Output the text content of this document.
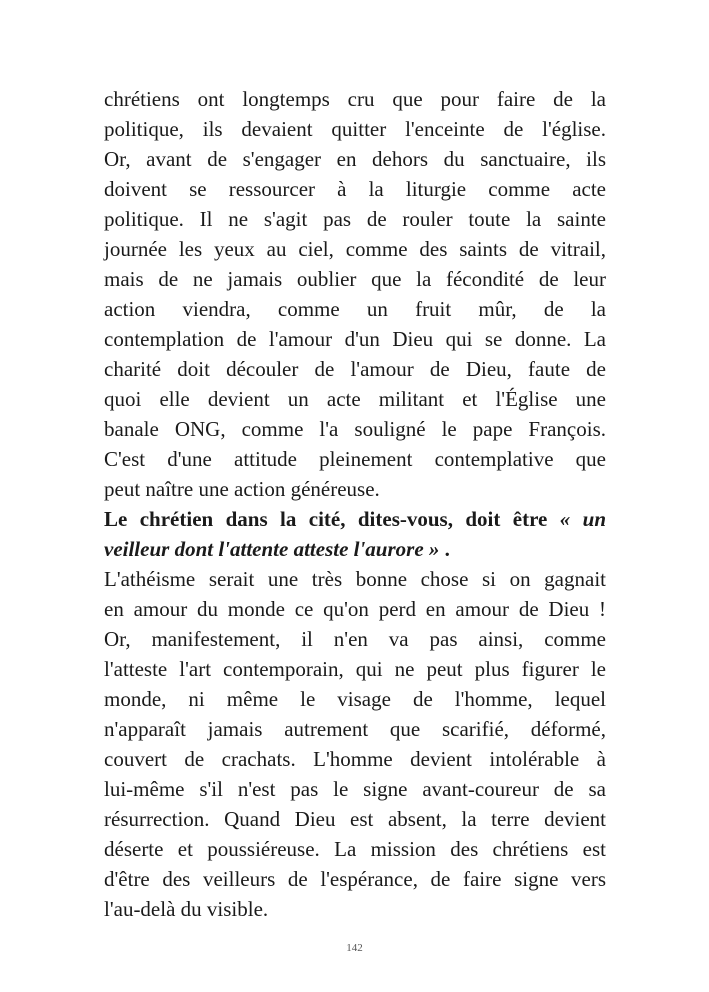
chrétiens ont longtemps cru que pour faire de la
politique, ils devaient quitter l'enceinte de l'église.
Or, avant de s'engager en dehors du sanctuaire, ils
doivent se ressourcer à la liturgie comme acte
politique. Il ne s'agit pas de rouler toute la sainte
journée les yeux au ciel, comme des saints de vitrail,
mais de ne jamais oublier que la fécondité de leur
action viendra, comme un fruit mûr, de la
contemplation de l'amour d'un Dieu qui se donne. La
charité doit découler de l'amour de Dieu, faute de
quoi elle devient un acte militant et l'Église une
banale ONG, comme l'a souligné le pape François.
C'est d'une attitude pleinement contemplative que
peut naître une action généreuse.
Le chrétien dans la cité, dites-vous, doit être « un
veilleur dont l'attente atteste l'aurore » .
L'athéisme serait une très bonne chose si on gagnait
en amour du monde ce qu'on perd en amour de Dieu !
Or, manifestement, il n'en va pas ainsi, comme
l'atteste l'art contemporain, qui ne peut plus figurer le
monde, ni même le visage de l'homme, lequel
n'apparaît jamais autrement que scarifié, déformé,
couvert de crachats. L'homme devient intolérable à
lui-même s'il n'est pas le signe avant-coureur de sa
résurrection. Quand Dieu est absent, la terre devient
déserte et poussiéreuse. La mission des chrétiens est
d'être des veilleurs de l'espérance, de faire signe vers
l'au-delà du visible.
142
